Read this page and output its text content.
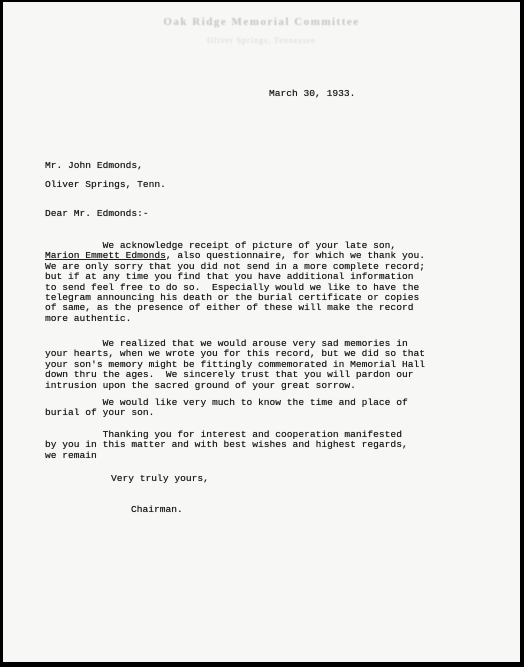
Oak Ridge Memorial Committee
Oliver Springs, Tennessee

March 30, 1933.

Mr. John Edmonds,
Oliver Springs, Tenn.

Dear Mr. Edmonds:-

We acknowledge receipt of picture of your late son,
Marion Emmett Edmonds, also questionnaire, for which we thank you.
We are only sorry that you did not send in a more complete record;
but if at any time you find that you have additional information
to send feel free to do so.  Especially would we like to have the
telegram announcing his death or the burial certificate or copies
of same, as the presence of either of these will make the record
more authentic.
We realized that we would arouse very sad memories in
your hearts, when we wrote you for this record, but we did so that
your son's memory might be fittingly commemorated in Memorial Hall
down thru the ages.  We sincerely trust that you will pardon our
intrusion upon the sacred ground of your great sorrow.
We would like very much to know the time and place of
burial of your son.
Thanking you for interest and cooperation manifested
by you in this matter and with best wishes and highest regards,
we remain

Very truly yours,

Chairman.
